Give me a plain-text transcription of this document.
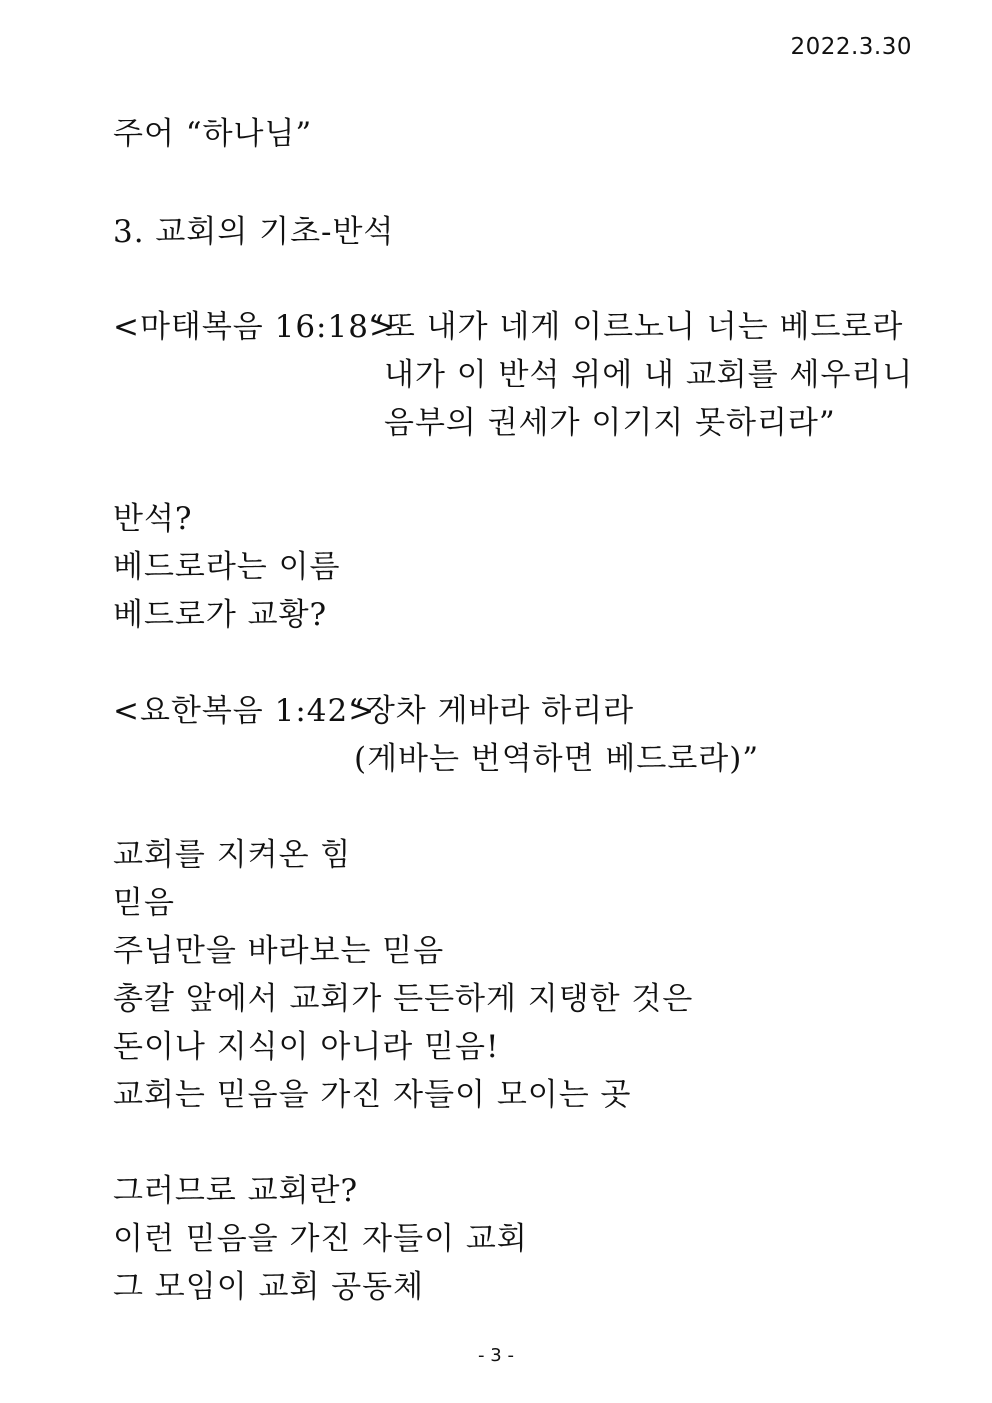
2022.3.30
주어 “하나님”
3. 교회의 기초-반석
<마태복음 16:18>
“또 내가 네게 이르노니 너는 베드로라
내가 이 반석 위에 내 교회를 세우리니
음부의 권세가 이기지 못하리라”
반석?
베드로라는 이름
베드로가 교황?
<요한복음 1:42>
“장차 게바라 하리라
(게바는 번역하면 베드로라)”
교회를 지켜온 힘
믿음
주님만을 바라보는 믿음
총칼 앞에서 교회가 든든하게 지탱한 것은
돈이나 지식이 아니라 믿음!
교회는 믿음을 가진 자들이 모이는 곳
그러므로 교회란?
이런 믿음을 가진 자들이 교회
그 모임이 교회 공동체
- 3 -
